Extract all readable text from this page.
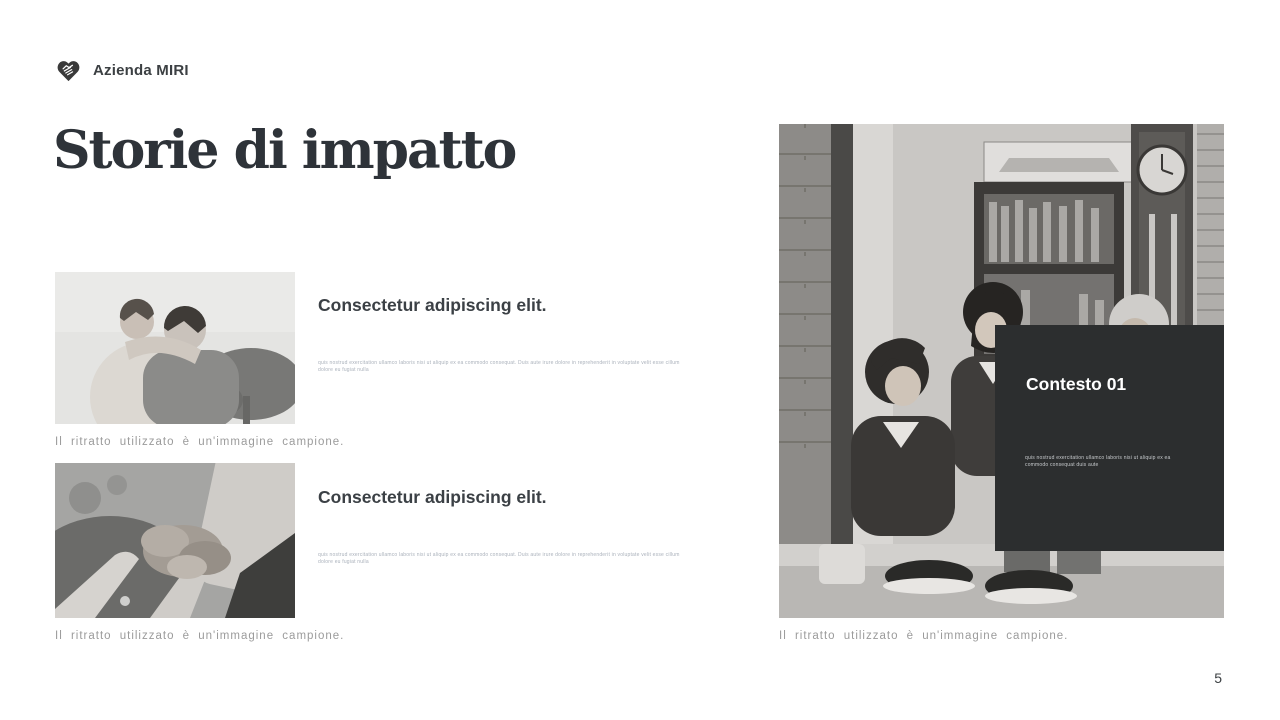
Azienda MIRI
Storie di impatto
Il ritratto utilizzato è un'immagine campione.
Consectetur adipiscing elit.
quis nostrud exercitation ullamco laboris nisi ut aliquip ex ea commodo consequat. Duis aute irure dolore in reprehenderit in voluptate velit esse cillum dolore eu fugiat nulla
Il ritratto utilizzato è un'immagine campione.
Consectetur adipiscing elit.
quis nostrud exercitation ullamco laboris nisi ut aliquip ex ea commodo consequat. Duis aute irure dolore in reprehenderit in voluptate velit esse cillum dolore eu fugiat nulla
Contesto 01
quis nostrud exercitation ullamco laboris nisi ut aliquip ex ea commodo consequat duis aute
Il ritratto utilizzato è un'immagine campione.
5
